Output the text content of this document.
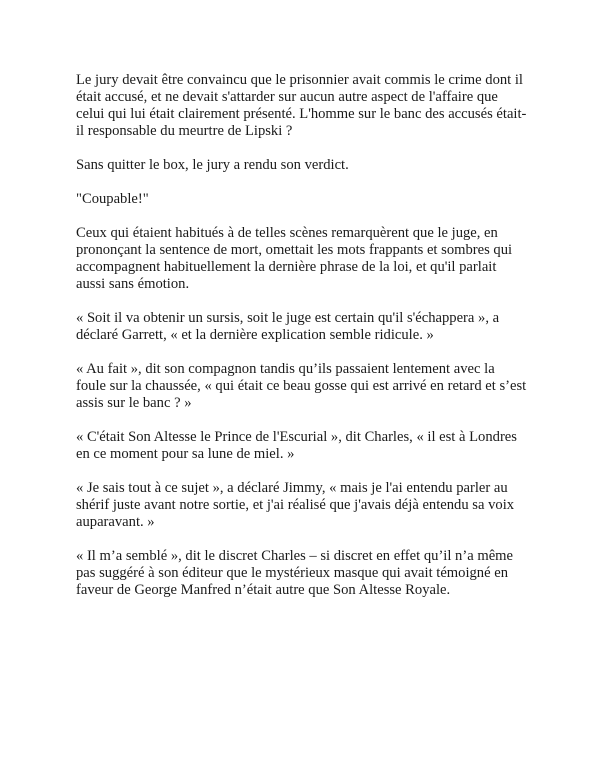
Le jury devait être convaincu que le prisonnier avait commis le crime dont il était accusé, et ne devait s'attarder sur aucun autre aspect de l'affaire que celui qui lui était clairement présenté. L'homme sur le banc des accusés était-il responsable du meurtre de Lipski ?

Sans quitter le box, le jury a rendu son verdict.

"Coupable!"

Ceux qui étaient habitués à de telles scènes remarquèrent que le juge, en prononçant la sentence de mort, omettait les mots frappants et sombres qui accompagnent habituellement la dernière phrase de la loi, et qu'il parlait aussi sans émotion.

« Soit il va obtenir un sursis, soit le juge est certain qu'il s'échappera », a déclaré Garrett, « et la dernière explication semble ridicule. »

« Au fait », dit son compagnon tandis qu’ils passaient lentement avec la foule sur la chaussée, « qui était ce beau gosse qui est arrivé en retard et s’est assis sur le banc ? »

« C'était Son Altesse le Prince de l'Escurial », dit Charles, « il est à Londres en ce moment pour sa lune de miel. »

« Je sais tout à ce sujet », a déclaré Jimmy, « mais je l'ai entendu parler au shérif juste avant notre sortie, et j'ai réalisé que j'avais déjà entendu sa voix auparavant. »

« Il m’a semblé », dit le discret Charles – si discret en effet qu’il n’a même pas suggéré à son éditeur que le mystérieux masque qui avait témoigné en faveur de George Manfred n’était autre que Son Altesse Royale.
